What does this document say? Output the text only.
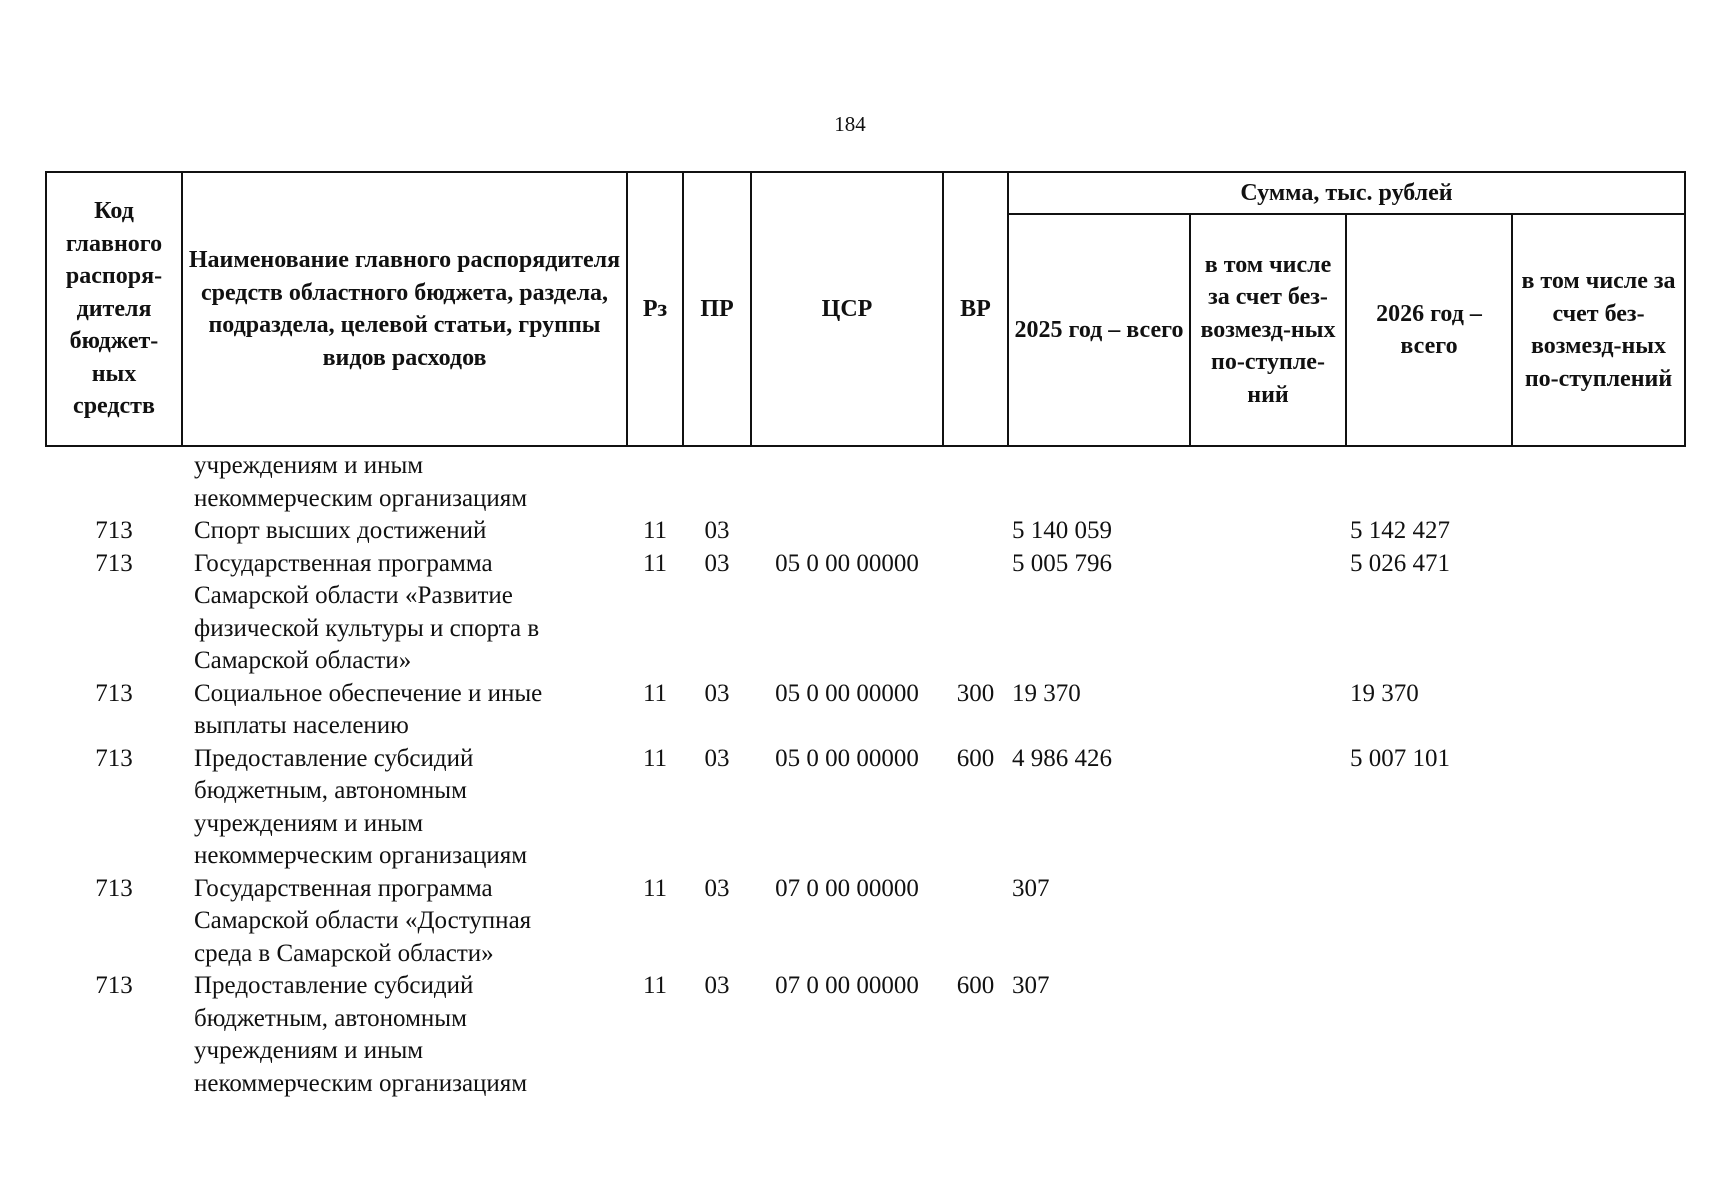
184
Код главного распоря-дителя бюджет-ных средств	Наименование главного распорядителя средств областного бюджета, раздела, подраздела, целевой статьи, группы видов расходов	Рз	ПР	ЦСР	ВР	Сумма, тыс. рублей			
						2025 год – всего	в том числе за счет без-возмезд-ных по-ступле-ний	2026 год – всего	в том числе за счет без-возмезд-ных по-ступлений
	учреждениям и иным
некоммерческим организациям								
713	Спорт высших достижений	11	03			5 140 059		5 142 427	
713	Государственная программа
Самарской области «Развитие
физической культуры и спорта в
Самарской области»	11	03	05 0 00 00000		5 005 796		5 026 471	
713	Социальное обеспечение и иные
выплаты населению	11	03	05 0 00 00000	300	19 370		19 370	
713	Предоставление субсидий
бюджетным, автономным
учреждениям и иным
некоммерческим организациям	11	03	05 0 00 00000	600	4 986 426		5 007 101	
713	Государственная программа
Самарской области «Доступная
среда в Самарской области»	11	03	07 0 00 00000		307			
713	Предоставление субсидий
бюджетным, автономным
учреждениям и иным
некоммерческим организациям	11	03	07 0 00 00000	600	307			
